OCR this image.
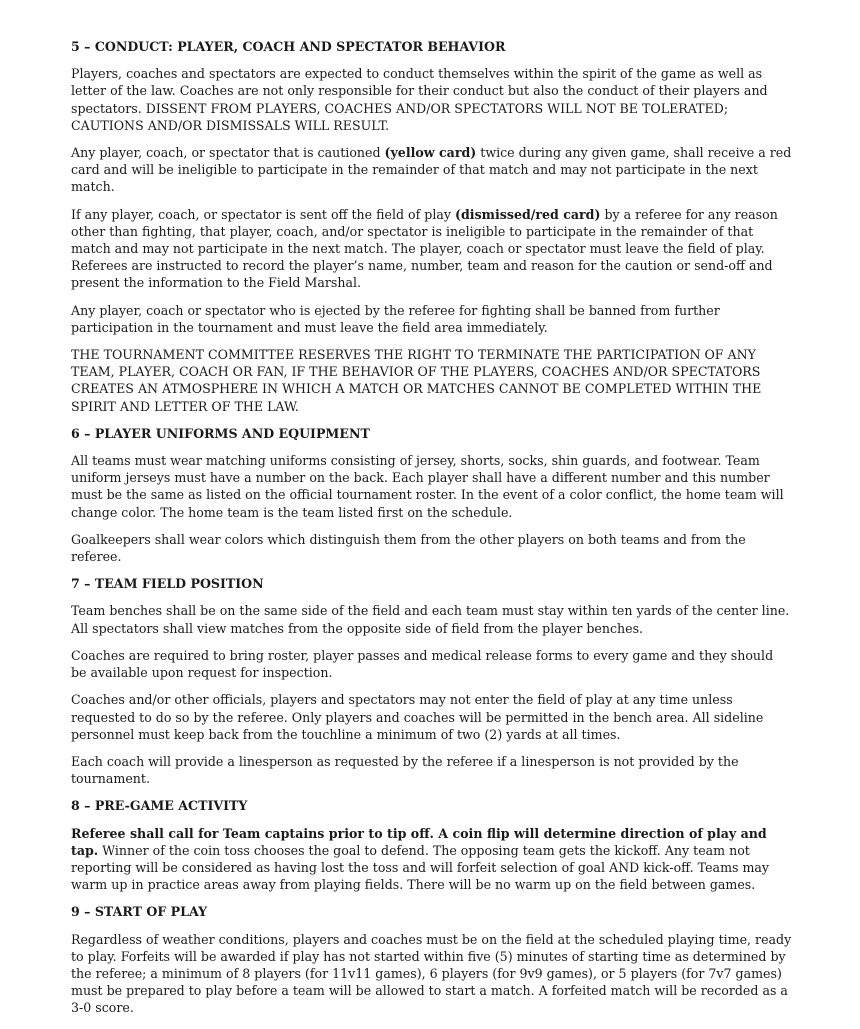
5 – CONDUCT: PLAYER, COACH AND SPECTATOR BEHAVIOR

Players, coaches and spectators are expected to conduct themselves within the spirit of the game as well as letter of the law. Coaches are not only responsible for their conduct but also the conduct of their players and spectators. DISSENT FROM PLAYERS, COACHES AND/OR SPECTATORS WILL NOT BE TOLERATED; CAUTIONS AND/OR DISMISSALS WILL RESULT.

Any player, coach, or spectator that is cautioned (yellow card) twice during any given game, shall receive a red card and will be ineligible to participate in the remainder of that match and may not participate in the next match.

If any player, coach, or spectator is sent off the field of play (dismissed/red card) by a referee for any reason other than fighting, that player, coach, and/or spectator is ineligible to participate in the remainder of that match and may not participate in the next match. The player, coach or spectator must leave the field of play. Referees are instructed to record the player’s name, number, team and reason for the caution or send-off and present the information to the Field Marshal.

Any player, coach or spectator who is ejected by the referee for fighting shall be banned from further participation in the tournament and must leave the field area immediately.

THE TOURNAMENT COMMITTEE RESERVES THE RIGHT TO TERMINATE THE PARTICIPATION OF ANY TEAM, PLAYER, COACH OR FAN, IF THE BEHAVIOR OF THE PLAYERS, COACHES AND/OR SPECTATORS CREATES AN ATMOSPHERE IN WHICH A MATCH OR MATCHES CANNOT BE COMPLETED WITHIN THE SPIRIT AND LETTER OF THE LAW.

6 – PLAYER UNIFORMS AND EQUIPMENT

All teams must wear matching uniforms consisting of jersey, shorts, socks, shin guards, and footwear. Team uniform jerseys must have a number on the back. Each player shall have a different number and this number must be the same as listed on the official tournament roster. In the event of a color conflict, the home team will change color. The home team is the team listed first on the schedule.

Goalkeepers shall wear colors which distinguish them from the other players on both teams and from the referee.

7 – TEAM FIELD POSITION

Team benches shall be on the same side of the field and each team must stay within ten yards of the center line. All spectators shall view matches from the opposite side of field from the player benches.

Coaches are required to bring roster, player passes and medical release forms to every game and they should be available upon request for inspection.

Coaches and/or other officials, players and spectators may not enter the field of play at any time unless requested to do so by the referee. Only players and coaches will be permitted in the bench area. All sideline personnel must keep back from the touchline a minimum of two (2) yards at all times.

Each coach will provide a linesperson as requested by the referee if a linesperson is not provided by the tournament.

8 – PRE-GAME ACTIVITY

Referee shall call for Team captains prior to tip off. A coin flip will determine direction of play and tap. Winner of the coin toss chooses the goal to defend. The opposing team gets the kickoff. Any team not reporting will be considered as having lost the toss and will forfeit selection of goal AND kick-off. Teams may warm up in practice areas away from playing fields. There will be no warm up on the field between games.

9 – START OF PLAY

Regardless of weather conditions, players and coaches must be on the field at the scheduled playing time, ready to play. Forfeits will be awarded if play has not started within five (5) minutes of starting time as determined by the referee; a minimum of 8 players (for 11v11 games), 6 players (for 9v9 games), or 5 players (for 7v7 games) must be prepared to play before a team will be allowed to start a match. A forfeited match will be recorded as a 3-0 score.
